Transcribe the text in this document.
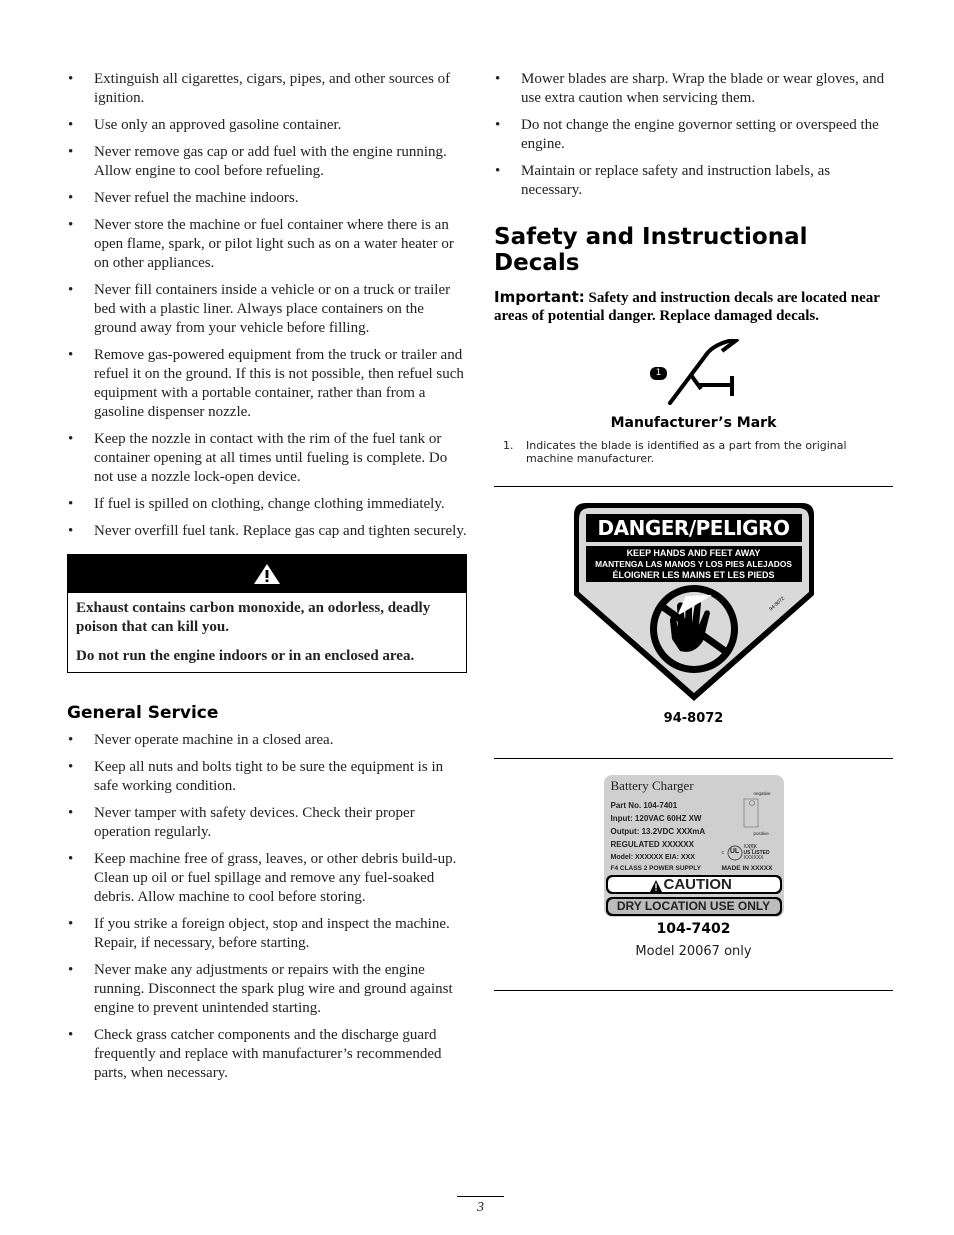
• Extinguish all cigarettes, cigars, pipes, and other sources of ignition.
• Use only an approved gasoline container.
• Never remove gas cap or add fuel with the engine running. Allow engine to cool before refueling.
• Never refuel the machine indoors.
• Never store the machine or fuel container where there is an open flame, spark, or pilot light such as on a water heater or on other appliances.
• Never fill containers inside a vehicle or on a truck or trailer bed with a plastic liner. Always place containers on the ground away from your vehicle before filling.
• Remove gas-powered equipment from the truck or trailer and refuel it on the ground. If this is not possible, then refuel such equipment with a portable container, rather than from a gasoline dispenser nozzle.
• Keep the nozzle in contact with the rim of the fuel tank or container opening at all times until fueling is complete. Do not use a nozzle lock-open device.
• If fuel is spilled on clothing, change clothing immediately.
• Never overfill fuel tank. Replace gas cap and tighten securely.

Exhaust contains carbon monoxide, an odorless, deadly poison that can kill you.

Do not run the engine indoors or in an enclosed area.

General Service
• Never operate machine in a closed area.
• Keep all nuts and bolts tight to be sure the equipment is in safe working condition.
• Never tamper with safety devices. Check their proper operation regularly.
• Keep machine free of grass, leaves, or other debris build-up. Clean up oil or fuel spillage and remove any fuel-soaked debris. Allow machine to cool before storing.
• If you strike a foreign object, stop and inspect the machine. Repair, if necessary, before starting.
• Never make any adjustments or repairs with the engine running. Disconnect the spark plug wire and ground against engine to prevent unintended starting.
• Check grass catcher components and the discharge guard frequently and replace with manufacturer’s recommended parts, when necessary.
• Mower blades are sharp. Wrap the blade or wear gloves, and use extra caution when servicing them.
• Do not change the engine governor setting or overspeed the engine.
• Maintain or replace safety and instruction labels, as necessary.
Safety and Instructional Decals

Important: Safety and instruction decals are located near areas of potential danger. Replace damaged decals.

1
Manufacturer’s Mark
1. Indicates the blade is identified as a part from the original machine manufacturer.
DANGER/PELIGRO
KEEP HANDS AND FEET AWAY
MANTENGA LAS MANOS Y LOS PIES ALEJADOS
ÉLOIGNER LES MAINS ET LES PIEDS
94-8072
94-8072
Battery Charger
Part No. 104-7401
Input: 120VAC 60HZ XW
Output: 13.2VDC XXXmA
REGULATED XXXXXX
Model: XXXXXX EIA: XXX
negative
positive
c UL
XXXX
US LISTED
XXXXXX
F4 CLASS 2 POWER SUPPLY	MADE IN XXXXX
CAUTION
DRY LOCATION USE ONLY
104-7402
Model 20067 only
3
